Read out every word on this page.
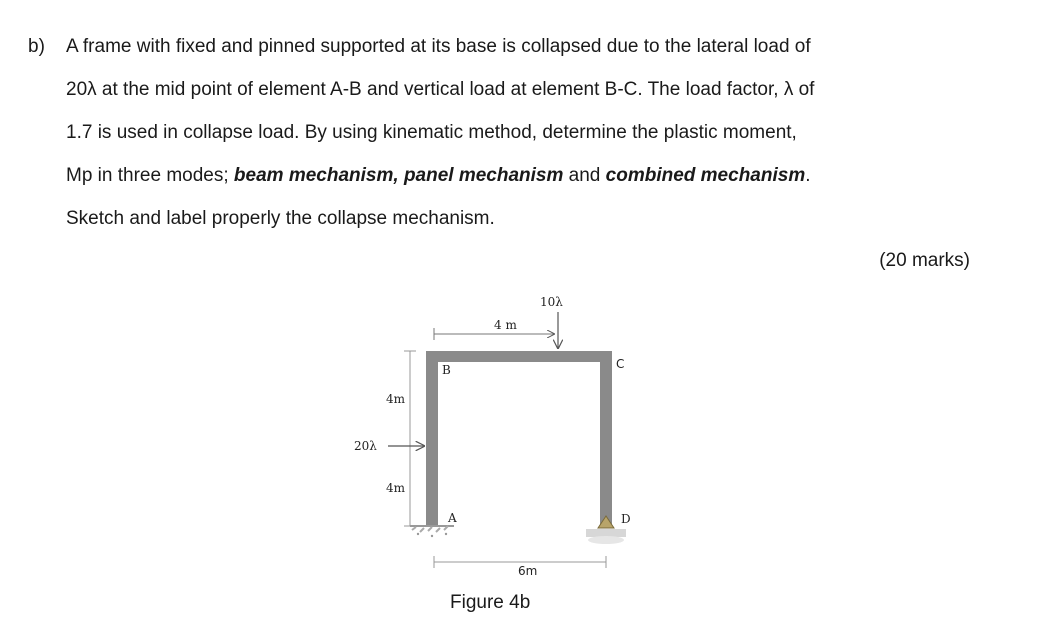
b) A frame with fixed and pinned supported at its base is collapsed due to the lateral load of
20λ at the mid point of element A-B and vertical load at element B-C. The load factor, λ of
1.7 is used in collapse load. By using kinematic method, determine the plastic moment,
Mp in three modes; beam mechanism, panel mechanism and combined mechanism.
Sketch and label properly the collapse mechanism.
(20 marks)
B	C
A	D
4 m
10λ
4m
4m
20λ
6m
Figure 4b
